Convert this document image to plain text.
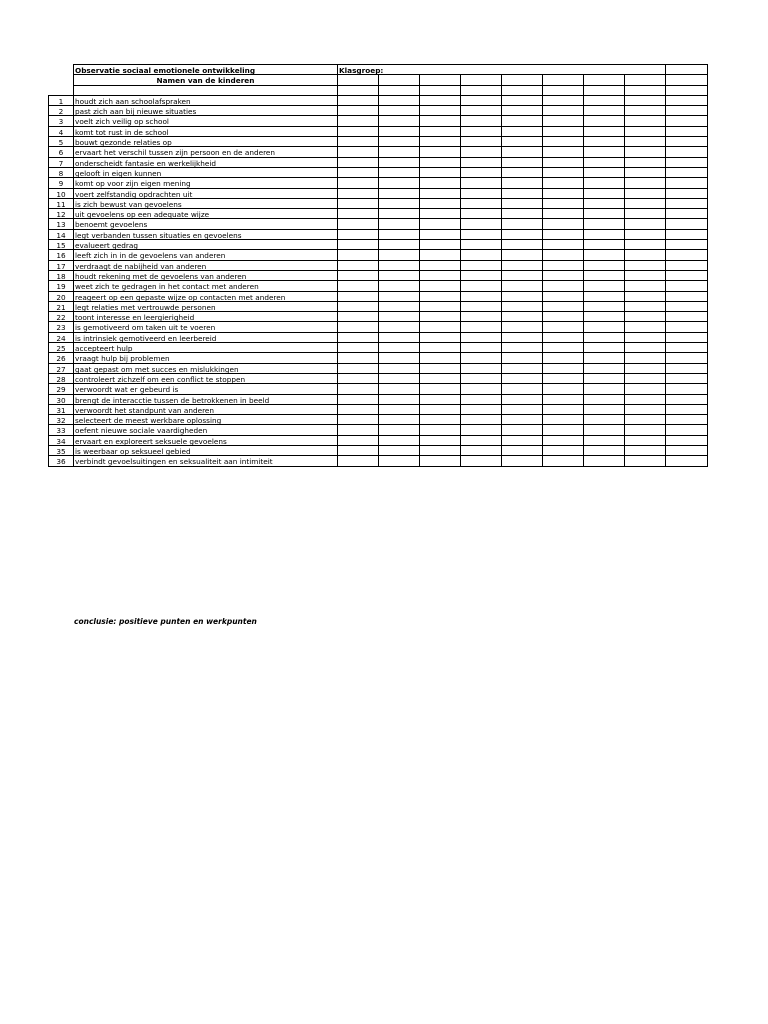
	Observatie sociaal emotionele ontwikkeling	Klasgroep:								
	Namen van de kinderen									

1	houdt zich aan schoolafspraken									
2	past zich aan bij nieuwe situaties									
3	voelt zich veilig op school									
4	komt tot rust in de school									
5	bouwt gezonde relaties op									
6	ervaart het verschil tussen zijn persoon en de anderen									
7	onderscheidt fantasie en werkelijkheid									
8	gelooft in eigen kunnen									
9	komt op voor zijn eigen mening									
10	voert zelfstandig opdrachten uit									
11	is zich bewust van gevoelens									
12	uit gevoelens op een adequate wijze									
13	benoemt gevoelens									
14	legt verbanden tussen situaties en gevoelens									
15	evalueert gedrag									
16	leeft zich in in de gevoelens van anderen									
17	verdraagt de nabijheid van anderen									
18	houdt rekening met de gevoelens van anderen									
19	weet zich te gedragen in het contact met anderen									
20	reageert op een gepaste wijze op contacten met anderen									
21	legt relaties met vertrouwde personen									
22	toont interesse en leergierigheid									
23	is gemotiveerd om taken uit te voeren									
24	is intrinsiek gemotiveerd en leerbereid									
25	accepteert hulp									
26	vraagt hulp bij problemen									
27	gaat gepast om met succes en mislukkingen									
28	controleert zichzelf om een conflict te stoppen									
29	verwoordt wat er gebeurd is									
30	brengt de interacctie tussen de betrokkenen in beeld									
31	verwoordt het standpunt van anderen									
32	selecteert de meest werkbare oplossing									
33	oefent nieuwe sociale vaardigheden									
34	ervaart en exploreert seksuele gevoelens									
35	is weerbaar op seksueel gebied									
36	verbindt gevoelsuitingen en seksualiteit aan intimiteit									
conclusie: positieve punten en werkpunten
